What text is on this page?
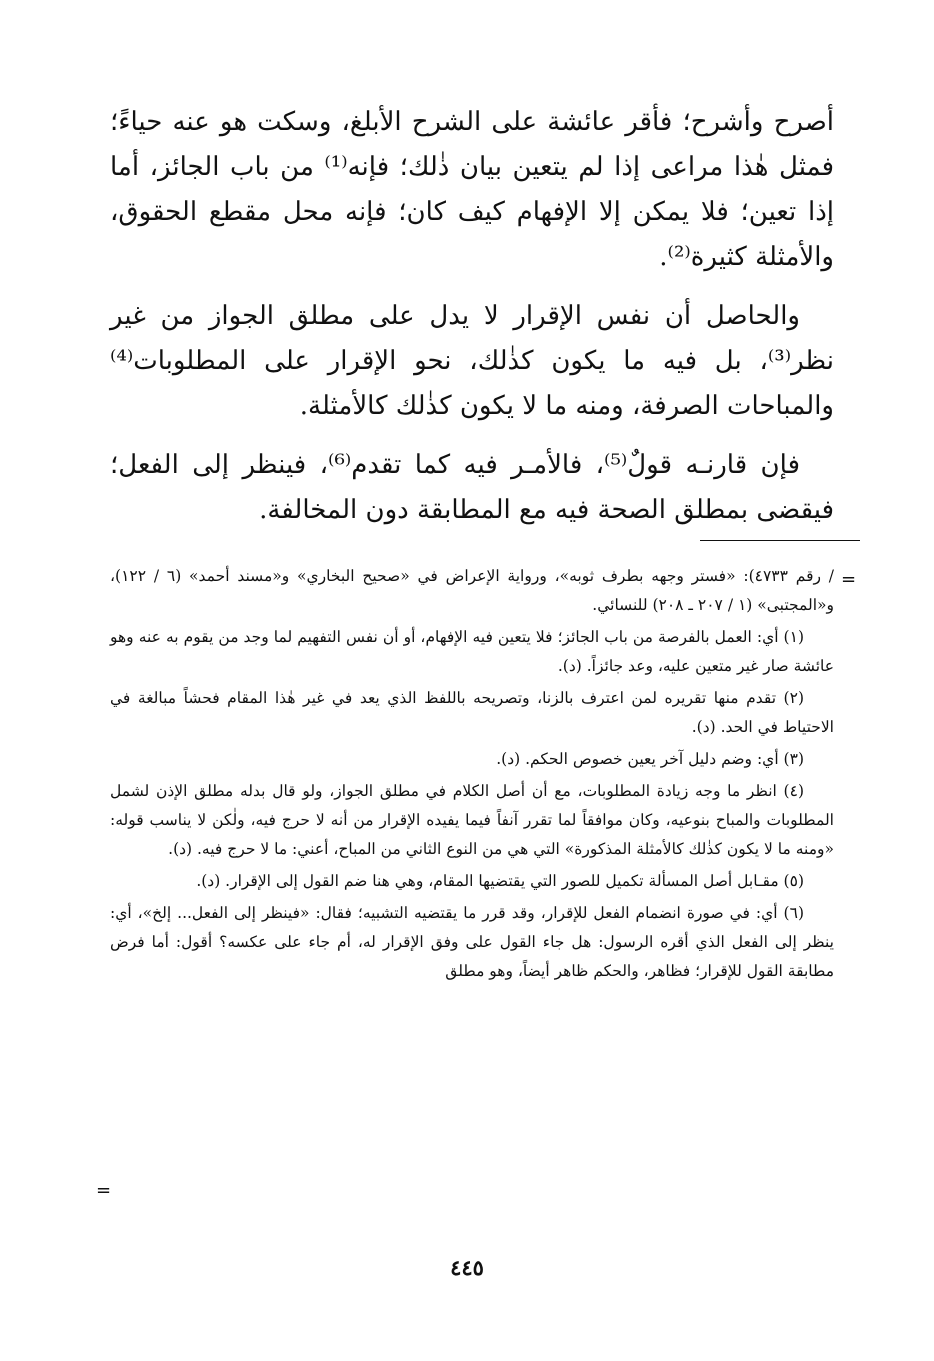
أصرح وأشرح؛ فأقر عائشة على الشرح الأبلغ، وسكت هو عنه حياءً؛ فمثل هٰذا مراعى إذا لم يتعين بيان ذٰلك؛ فإنه⁽¹⁾ من باب الجائز، أما إذا تعين؛ فلا يمكن إلا الإفهام كيف كان؛ فإنه محل مقطع الحقوق، والأمثلة كثيرة⁽²⁾.

والحاصل أن نفس الإقرار لا يدل على مطلق الجواز من غير نظر⁽³⁾، بل فيه ما يكون كذٰلك، نحو الإقرار على المطلوبات⁽⁴⁾ والمباحات الصرفة، ومنه ما لا يكون كذٰلك كالأمثلة.

فإن قارنـه قولٌ⁽⁵⁾، فالأمـر فيه كما تقدم⁽⁶⁾، فينظر إلى الفعل؛ فيقضى بمطلق الصحة فيه مع المطابقة دون المخالفة.

=

/ رقم ٤٧٣٣): «فستر وجهه بطرف ثوبه»، ورواية الإعراض في «صحيح البخاري» و«مسند أحمد» (٦ / ١٢٢)، و«المجتبى» (١ / ٢٠٧ ـ ٢٠٨) للنسائي.

(١) أي: العمل بالفرصة من باب الجائز؛ فلا يتعين فيه الإفهام، أو أن نفس التفهيم لما وجد من يقوم به عنه وهو عائشة صار غير متعين عليه، وعد جائزاً. (د).

(٢) تقدم منها تقريره لمن اعترف بالزنا، وتصريحه باللفظ الذي يعد في غير هٰذا المقام فحشاً مبالغة في الاحتياط في الحد. (د).

(٣) أي: وضم دليل آخر يعين خصوص الحكم. (د).

(٤) انظر ما وجه زيادة المطلوبات، مع أن أصل الكلام في مطلق الجواز، ولو قال بدله مطلق الإذن لشمل المطلوبات والمباح بنوعيه، وكان موافقاً لما تقرر آنفاً فيما يفيده الإقرار من أنه لا حرج فيه، ولٰكن لا يناسب قوله: «ومنه ما لا يكون كذٰلك كالأمثلة المذكورة» التي هي من النوع الثاني من المباح، أعني: ما لا حرج فيه. (د).

(٥) مقـابل أصل المسألة تكميل للصور التي يقتضيها المقام، وهي هنا ضم القول إلى الإقرار. (د).

(٦) أي: في صورة انضمام الفعل للإقرار، وقد قرر ما يقتضيه التشبيه؛ فقال: «فينظر إلى الفعل... إلخ»، أي: ينظر إلى الفعل الذي أقره الرسول: هل جاء القول على وفق الإقرار له، أم جاء على عكسه؟ أقول: أما فرض مطابقة القول للإقرار؛ فظاهر، والحكم ظاهر أيضاً، وهو مطلق

=
٤٤٥
